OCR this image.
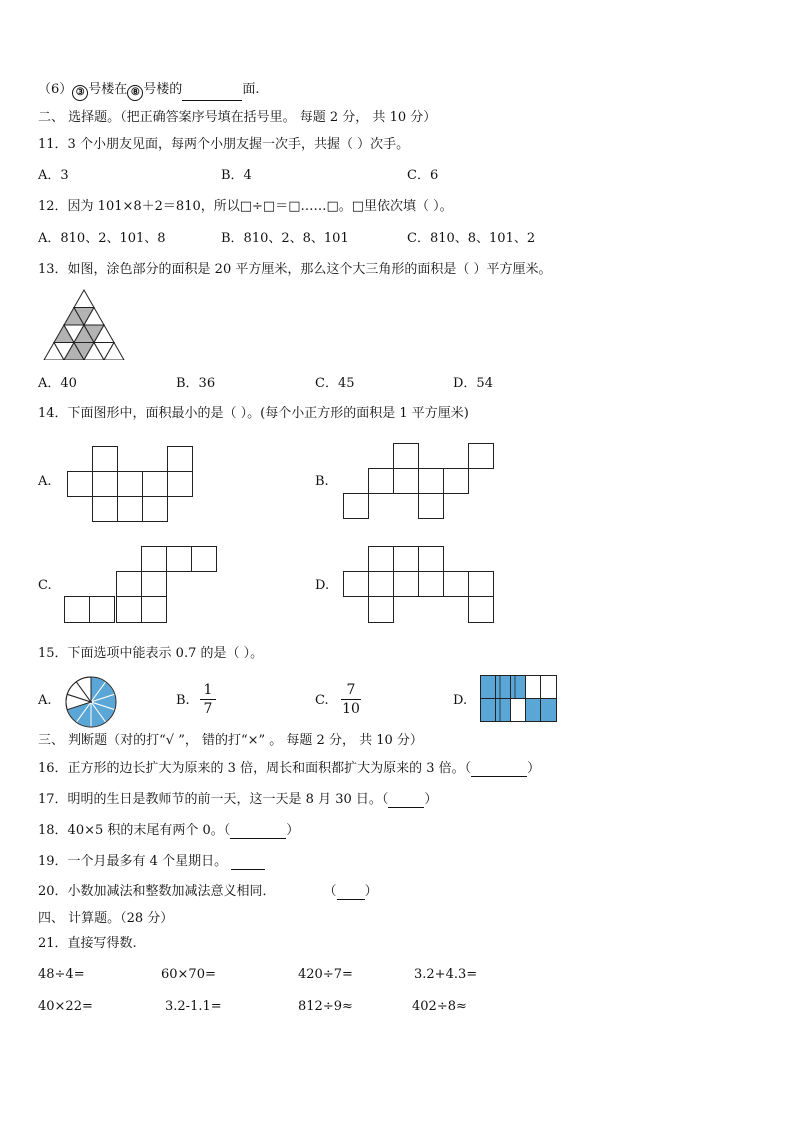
（6） ③ 号楼在 ⑧ 号楼的	面.
二、 选择题。（把正确答案序号填在括号里。 每题 2 分， 共 10 分）
11．3 个小朋友见面，每两个小朋友握一次手，共握（ ）次手。
A．3	B．4	C．6
12．因为 101×8＋2＝810，所以□÷□＝□……□。□里依次填（ ）。
A．810、2、101、8	B．810、2、8、101	C．810、8、101、2
13．如图，涂色部分的面积是 20 平方厘米，那么这个大三角形的面积是（ ）平方厘米。
A．40	B．36	C．45	D．54
14．下面图形中，面积最小的是（ ）。(每个小正方形的面积是 1 平方厘米)
A.	B.
C.	D.
15．下面选项中能表示 0.7 的是（ ）。
A.	B.
1
7
C.
7
10
D.
三、 判断题（对的打“√ ”， 错的打“×” 。 每题 2 分， 共 10 分）
16．正方形的边长扩大为原来的 3 倍，周长和面积都扩大为原来的 3 倍。（	）
17．明明的生日是教师节的前一天，这一天是 8 月 30 日。（	）
18．40×5 积的末尾有两个 0。（	）
19．一个月最多有 4 个星期日。
20．小数加减法和整数加减法意义相同．	（ ）
四、 计算题。（28 分）
21．直接写得数.
48÷4=	60×70=	420÷7=	3.2+4.3=
40×22=	3.2-1.1=	812÷9≈	402÷8≈
